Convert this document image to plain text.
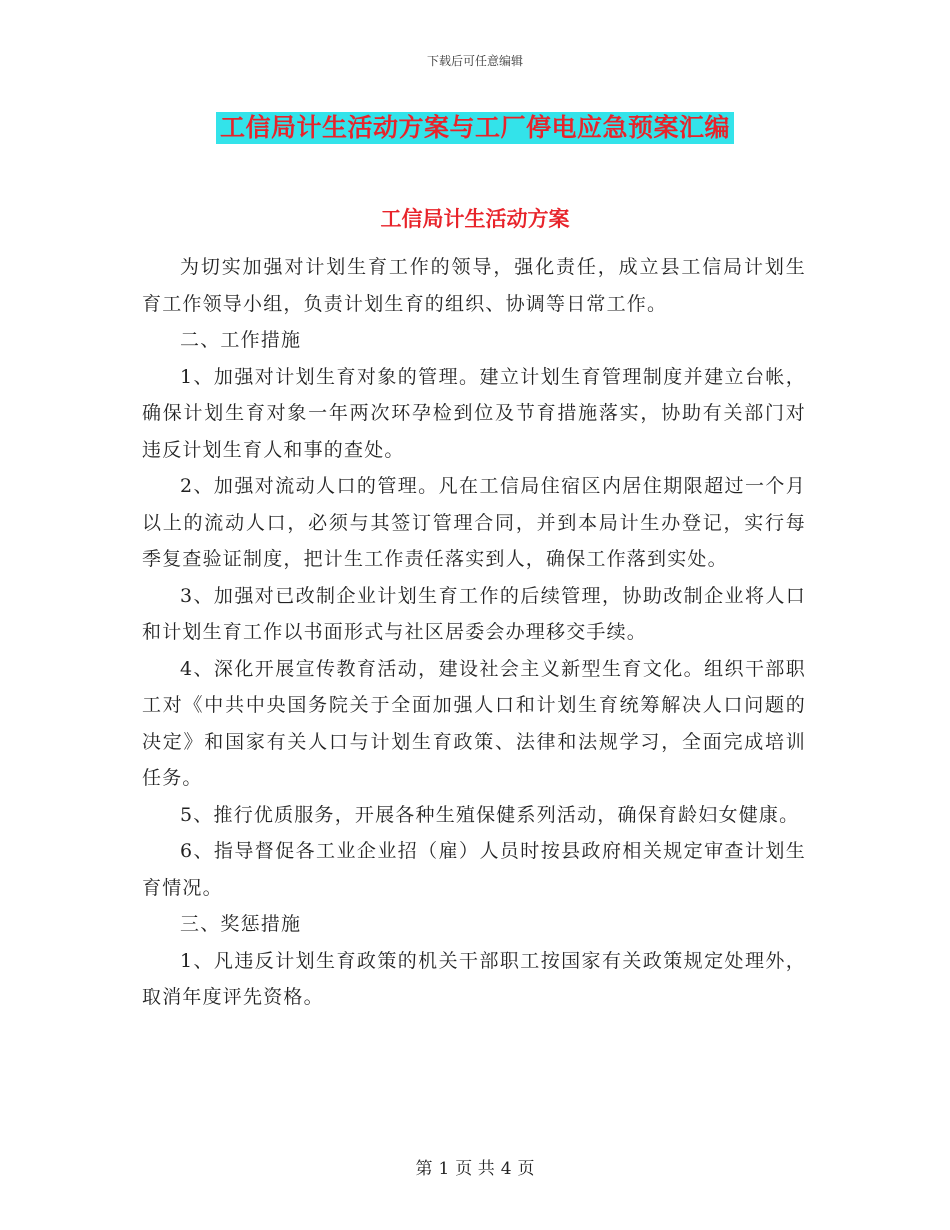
下载后可任意编辑
工信局计生活动方案与工厂停电应急预案汇编
工信局计生活动方案

为切实加强对计划生育工作的领导，强化责任，成立县工信局计划生育工作领导小组，负责计划生育的组织、协调等日常工作。

二、工作措施

1、加强对计划生育对象的管理。建立计划生育管理制度并建立台帐，确保计划生育对象一年两次环孕检到位及节育措施落实，协助有关部门对违反计划生育人和事的查处。

2、加强对流动人口的管理。凡在工信局住宿区内居住期限超过一个月以上的流动人口，必须与其签订管理合同，并到本局计生办登记，实行每季复查验证制度，把计生工作责任落实到人，确保工作落到实处。

3、加强对已改制企业计划生育工作的后续管理，协助改制企业将人口和计划生育工作以书面形式与社区居委会办理移交手续。

4、深化开展宣传教育活动，建设社会主义新型生育文化。组织干部职工对《中共中央国务院关于全面加强人口和计划生育统筹解决人口问题的决定》和国家有关人口与计划生育政策、法律和法规学习，全面完成培训任务。

5、推行优质服务，开展各种生殖保健系列活动，确保育龄妇女健康。

6、指导督促各工业企业招（雇）人员时按县政府相关规定审查计划生育情况。

三、奖惩措施

1、凡违反计划生育政策的机关干部职工按国家有关政策规定处理外，取消年度评先资格。

第 1 页 共 4 页
